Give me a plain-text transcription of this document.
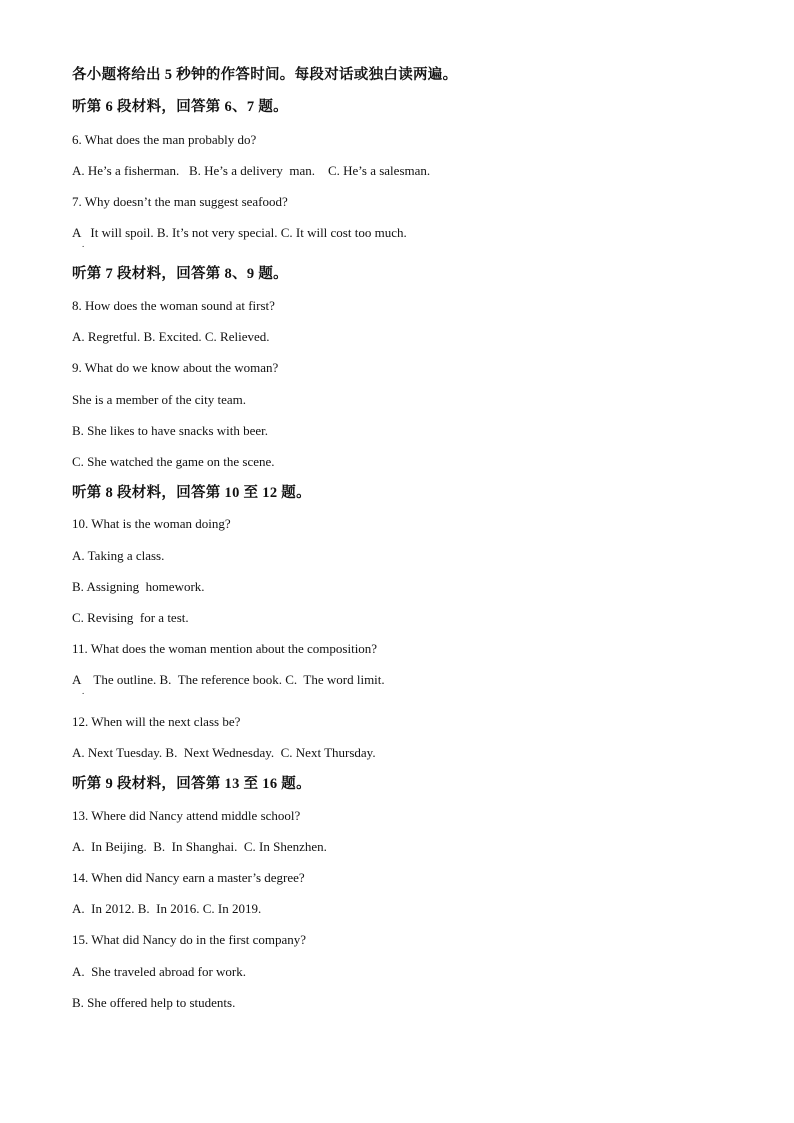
各小题将给出 5 秒钟的作答时间。每段对话或独白读两遍。
听第 6 段材料，回答第 6、7 题。
6. What does the man probably do?
A. He’s a fisherman.   B. He’s a delivery  man.    C. He’s a salesman.
7. Why doesn’t the man suggest seafood?
A   It will spoil. B. It’s not very special. C. It will cost too much.
.
听第 7 段材料，回答第 8、9 题。
8. How does the woman sound at first?
A. Regretful. B. Excited. C. Relieved.
9. What do we know about the woman?
She is a member of the city team.
B. She likes to have snacks with beer.
C. She watched the game on the scene.
听第 8 段材料，回答第 10 至 12 题。
10. What is the woman doing?
A. Taking a class.
B. Assigning  homework.
C. Revising  for a test.
11. What does the woman mention about the composition?
A    The outline. B.  The reference book. C.  The word limit.
.
12. When will the next class be?
A. Next Tuesday. B.  Next Wednesday.  C. Next Thursday.
听第 9 段材料，回答第 13 至 16 题。
13. Where did Nancy attend middle school?
A.  In Beijing.  B.  In Shanghai.  C. In Shenzhen.
14. When did Nancy earn a master’s degree?
A.  In 2012. B.  In 2016. C. In 2019.
15. What did Nancy do in the first company?
A.  She traveled abroad for work.
B. She offered help to students.
